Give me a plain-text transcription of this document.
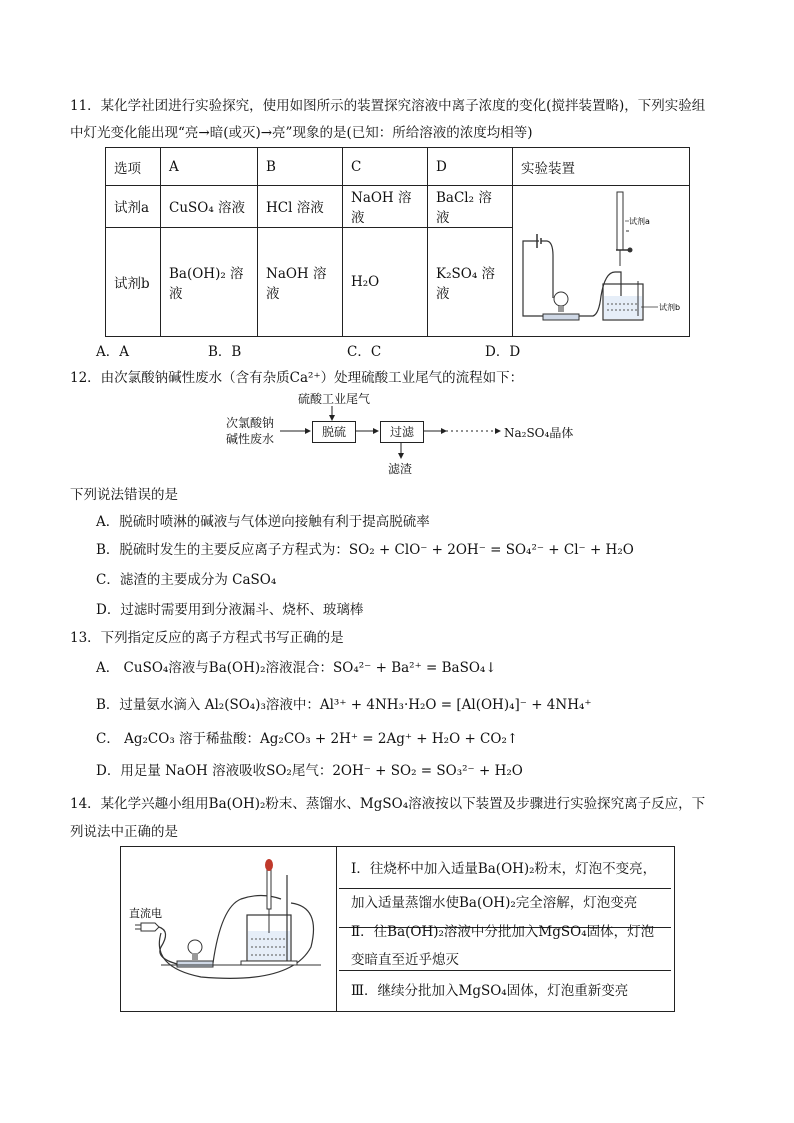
11．某化学社团进行实验探究，使用如图所示的装置探究溶液中离子浓度的变化(搅拌装置略)，下列实验组
中灯光变化能出现“亮→暗(或灭)→亮”现象的是(已知：所给溶液的浓度均相等)
选项	A	B	C	D	实验装置
试剂a	CuSO₄ 溶液	HCl 溶液	NaOH 溶液	BaCl₂ 溶液	试剂a
试剂b

试剂b	Ba(OH)₂ 溶液	NaOH 溶液	H₂O	K₂SO₄ 溶液	
A．A	B．B	C．C	D．D
12．由次氯酸钠碱性废水（含有杂质Ca²⁺）处理硫酸工业尾气的流程如下：
硫酸工业尾气
次氯酸钠
碱性废水	脱硫	过滤	Na₂SO₄晶体
滤渣
下列说法错误的是
A．脱硫时喷淋的碱液与气体逆向接触有利于提高脱硫率
B．脱硫时发生的主要反应离子方程式为：SO₂ + ClO⁻ + 2OH⁻ = SO₄²⁻ + Cl⁻ + H₂O
C．滤渣的主要成分为 CaSO₄
D．过滤时需要用到分液漏斗、烧杯、玻璃棒
13．下列指定反应的离子方程式书写正确的是
A． CuSO₄溶液与Ba(OH)₂溶液混合：SO₄²⁻ + Ba²⁺ = BaSO₄↓
B．过量氨水滴入 Al₂(SO₄)₃溶液中：Al³⁺ + 4NH₃·H₂O = [Al(OH)₄]⁻ + 4NH₄⁺
C． Ag₂CO₃ 溶于稀盐酸：Ag₂CO₃ + 2H⁺ = 2Ag⁺ + H₂O + CO₂↑
D．用足量 NaOH 溶液吸收SO₂尾气：2OH⁻ + SO₂ = SO₃²⁻ + H₂O
14．某化学兴趣小组用Ba(OH)₂粉末、蒸馏水、MgSO₄溶液按以下装置及步骤进行实验探究离子反应，下
列说法中正确的是
直流电
Ⅰ．往烧杯中加入适量Ba(OH)₂粉末，灯泡不变亮，
加入适量蒸馏水使Ba(OH)₂完全溶解，灯泡变亮
Ⅱ．往Ba(OH)₂溶液中分批加入MgSO₄固体，灯泡
变暗直至近乎熄灭
Ⅲ．继续分批加入MgSO₄固体，灯泡重新变亮
